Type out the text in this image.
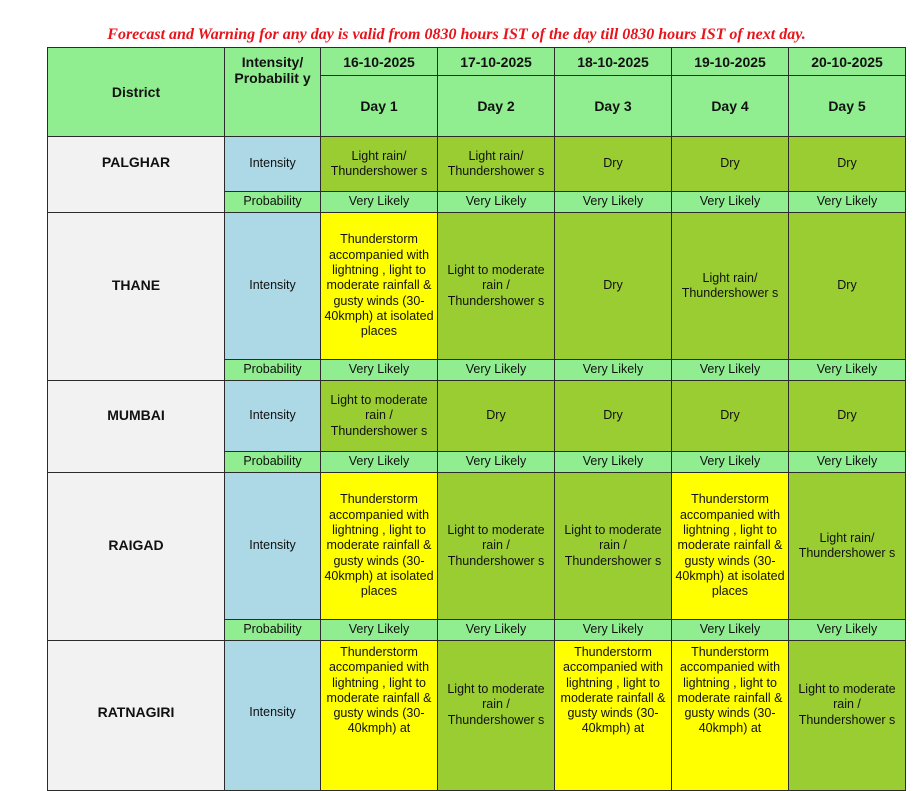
Forecast and Warning for any day is valid from 0830 hours IST of the day till 0830 hours IST of next day.
District	Intensity/ Probabilit y	16-10-2025	17-10-2025	18-10-2025	19-10-2025	20-10-2025
		Day 1	Day 2	Day 3	Day 4	Day 5

PALGHAR	Intensity	Light rain/ Thundershower s	Light rain/ Thundershower s	Dry	Dry	Dry
	Probability	Very Likely	Very Likely	Very Likely	Very Likely	Very Likely

THANE	Intensity	Thunderstorm accompanied with lightning , light to moderate rainfall & gusty winds (30-40kmph) at isolated places	Light to moderate rain / Thundershower s	Dry	Light rain/ Thundershower s	Dry
	Probability	Very Likely	Very Likely	Very Likely	Very Likely	Very Likely

MUMBAI	Intensity	Light to moderate rain / Thundershower s	Dry	Dry	Dry	Dry
	Probability	Very Likely	Very Likely	Very Likely	Very Likely	Very Likely

RAIGAD	Intensity	Thunderstorm accompanied with lightning , light to moderate rainfall & gusty winds (30-40kmph) at isolated places	Light to moderate rain / Thundershower s	Light to moderate rain / Thundershower s	Thunderstorm accompanied with lightning , light to moderate rainfall & gusty winds (30-40kmph) at isolated places	Light rain/ Thundershower s
	Probability	Very Likely	Very Likely	Very Likely	Very Likely	Very Likely

RATNAGIRI	Intensity	Thunderstorm accompanied with lightning , light to moderate rainfall & gusty winds (30-40kmph) at	Light to moderate rain / Thundershower s	Thunderstorm accompanied with lightning , light to moderate rainfall & gusty winds (30-40kmph) at	Thunderstorm accompanied with lightning , light to moderate rainfall & gusty winds (30-40kmph) at	Light to moderate rain / Thundershower s
